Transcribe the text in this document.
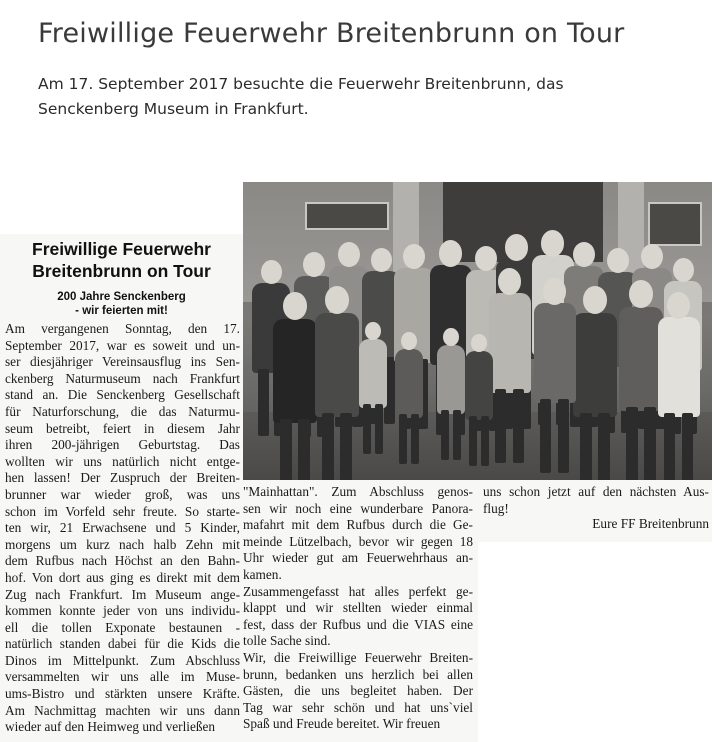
Freiwillige Feuerwehr Breitenbrunn on Tour
Am 17. September 2017 besuchte die Feuerwehr Breitenbrunn, das
Senckenberg Museum in Frankfurt.
Freiwillige Feuerwehr
Breitenbrunn on Tour
200 Jahre Senckenberg
- wir feierten mit!
Am vergangenen Sonntag, den 17.
September 2017, war es soweit und un-
ser diesjähriger Vereinsausflug ins Sen-
ckenberg Naturmuseum nach Frankfurt
stand an. Die Senckenberg Gesellschaft
für Naturforschung, die das Naturmu-
seum betreibt, feiert in diesem Jahr
ihren 200-jährigen Geburtstag. Das
wollten wir uns natürlich nicht entge-
hen lassen! Der Zuspruch der Breiten-
brunner war wieder groß, was uns
schon im Vorfeld sehr freute. So starte-
ten wir, 21 Erwachsene und 5 Kinder,
morgens um kurz nach halb Zehn mit
dem Rufbus nach Höchst an den Bahn-
hof. Von dort aus ging es direkt mit dem
Zug nach Frankfurt. Im Museum ange-
kommen konnte jeder von uns individu-
ell die tollen Exponate bestaunen -
natürlich standen dabei für die Kids die
Dinos im Mittelpunkt. Zum Abschluss
versammelten wir uns alle im Muse-
ums-Bistro und stärkten unsere Kräfte.
Am Nachmittag machten wir uns dann
wieder auf den Heimweg und verließen
"Mainhattan". Zum Abschluss genos-
sen wir noch eine wunderbare Panora-
mafahrt mit dem Rufbus durch die Ge-
meinde Lützelbach, bevor wir gegen 18
Uhr wieder gut am Feuerwehrhaus an-
kamen.
Zusammengefasst hat alles perfekt ge-
klappt und wir stellten wieder einmal
fest, dass der Rufbus und die VIAS eine
tolle Sache sind.
Wir, die Freiwillige Feuerwehr Breiten-
brunn, bedanken uns herzlich bei allen
Gästen, die uns begleitet haben. Der
Tag war sehr schön und hat uns`viel
Spaß und Freude bereitet. Wir freuen
uns schon jetzt auf den nächsten Aus-
flug!
Eure FF Breitenbrunn
